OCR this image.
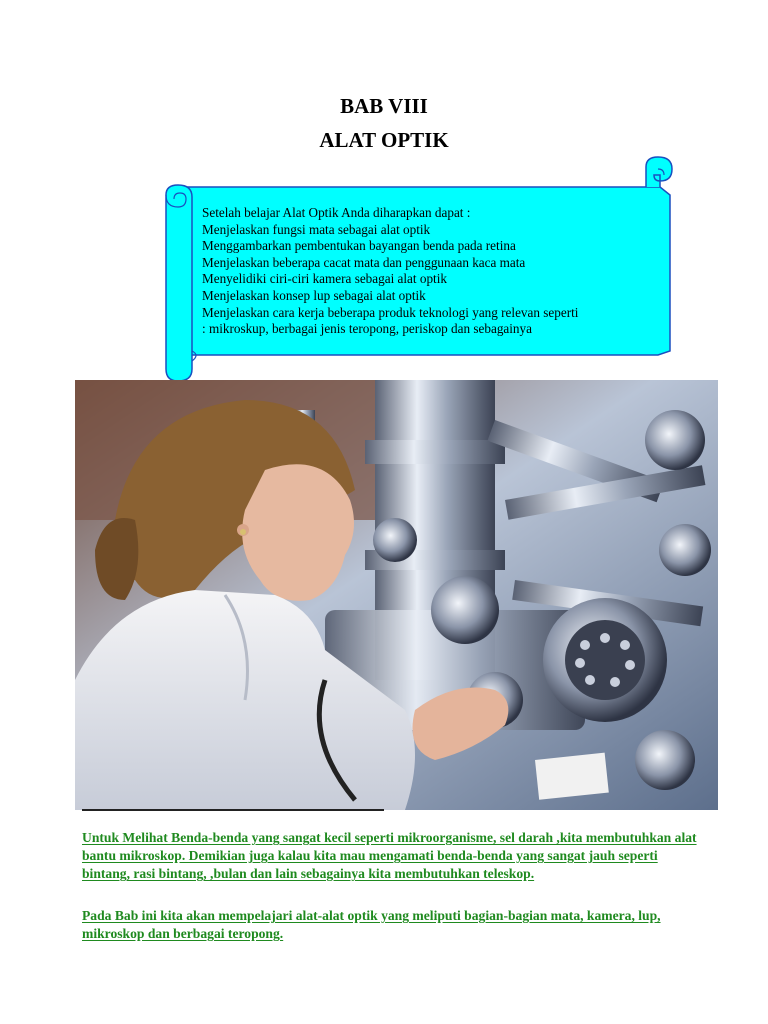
BAB VIII
ALAT OPTIK
Setelah belajar Alat Optik Anda diharapkan dapat :
Menjelaskan fungsi mata sebagai alat optik
Menggambarkan pembentukan bayangan benda pada retina
Menjelaskan beberapa cacat mata dan penggunaan kaca mata
Menyelidiki ciri-ciri kamera sebagai alat optik
Menjelaskan konsep lup sebagai alat optik
Menjelaskan cara kerja beberapa produk teknologi yang relevan seperti
: mikroskup, berbagai jenis teropong, periskop dan sebagainya
Untuk Melihat Benda-benda yang sangat kecil seperti mikroorganisme, sel darah ,kita membutuhkan alat bantu mikroskop. Demikian juga kalau kita mau mengamati benda-benda yang sangat jauh seperti bintang, rasi bintang, ,bulan dan lain sebagainya kita membutuhkan teleskop.
Pada Bab ini kita akan mempelajari alat-alat optik yang meliputi bagian-bagian mata, kamera, lup, mikroskop dan berbagai teropong.
